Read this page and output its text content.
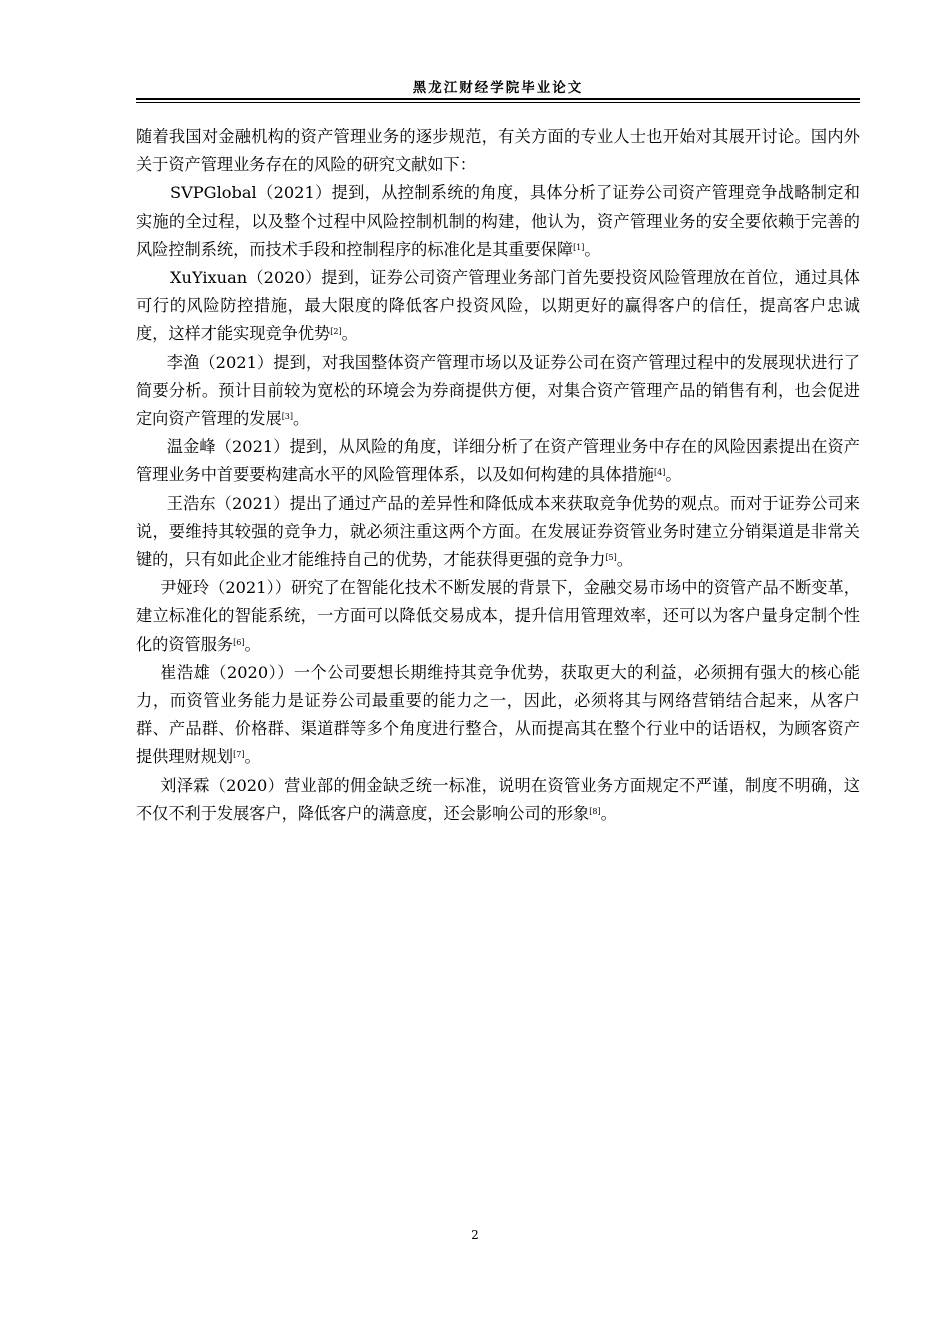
黑龙江财经学院毕业论文

随着我国对金融机构的资产管理业务的逐步规范，有关方面的专业人士也开始对其展开讨论。国内外关于资产管理业务存在的风险的研究文献如下：

SVPGlobal（2021）提到，从控制系统的角度，具体分析了证券公司资产管理竞争战略制定和实施的全过程，以及整个过程中风险控制机制的构建，他认为，资产管理业务的安全要依赖于完善的风险控制系统，而技术手段和控制程序的标准化是其重要保障[1]。

XuYixuan（2020）提到，证券公司资产管理业务部门首先要投资风险管理放在首位，通过具体可行的风险防控措施，最大限度的降低客户投资风险，以期更好的赢得客户的信任，提高客户忠诚度，这样才能实现竞争优势[2]。

李渔（2021）提到，对我国整体资产管理市场以及证券公司在资产管理过程中的发展现状进行了简要分析。预计目前较为宽松的环境会为券商提供方便，对集合资产管理产品的销售有利，也会促进定向资产管理的发展[3]。

温金峰（2021）提到，从风险的角度，详细分析了在资产管理业务中存在的风险因素提出在资产管理业务中首要要构建高水平的风险管理体系，以及如何构建的具体措施[4]。

王浩东（2021）提出了通过产品的差异性和降低成本来获取竞争优势的观点。而对于证券公司来说，要维持其较强的竞争力，就必须注重这两个方面。在发展证券资管业务时建立分销渠道是非常关键的，只有如此企业才能维持自己的优势，才能获得更强的竞争力[5]。

尹娅玲（2021））研究了在智能化技术不断发展的背景下，金融交易市场中的资管产品不断变革，建立标准化的智能系统，一方面可以降低交易成本，提升信用管理效率，还可以为客户量身定制个性化的资管服务[6]。

崔浩雄（2020））一个公司要想长期维持其竞争优势，获取更大的利益，必须拥有强大的核心能力，而资管业务能力是证券公司最重要的能力之一，因此，必须将其与网络营销结合起来，从客户群、产品群、价格群、渠道群等多个角度进行整合，从而提高其在整个行业中的话语权，为顾客资产提供理财规划[7]。

刘泽霖（2020）营业部的佣金缺乏统一标准，说明在资管业务方面规定不严谨，制度不明确，这不仅不利于发展客户，降低客户的满意度，还会影响公司的形象[8]。

2
